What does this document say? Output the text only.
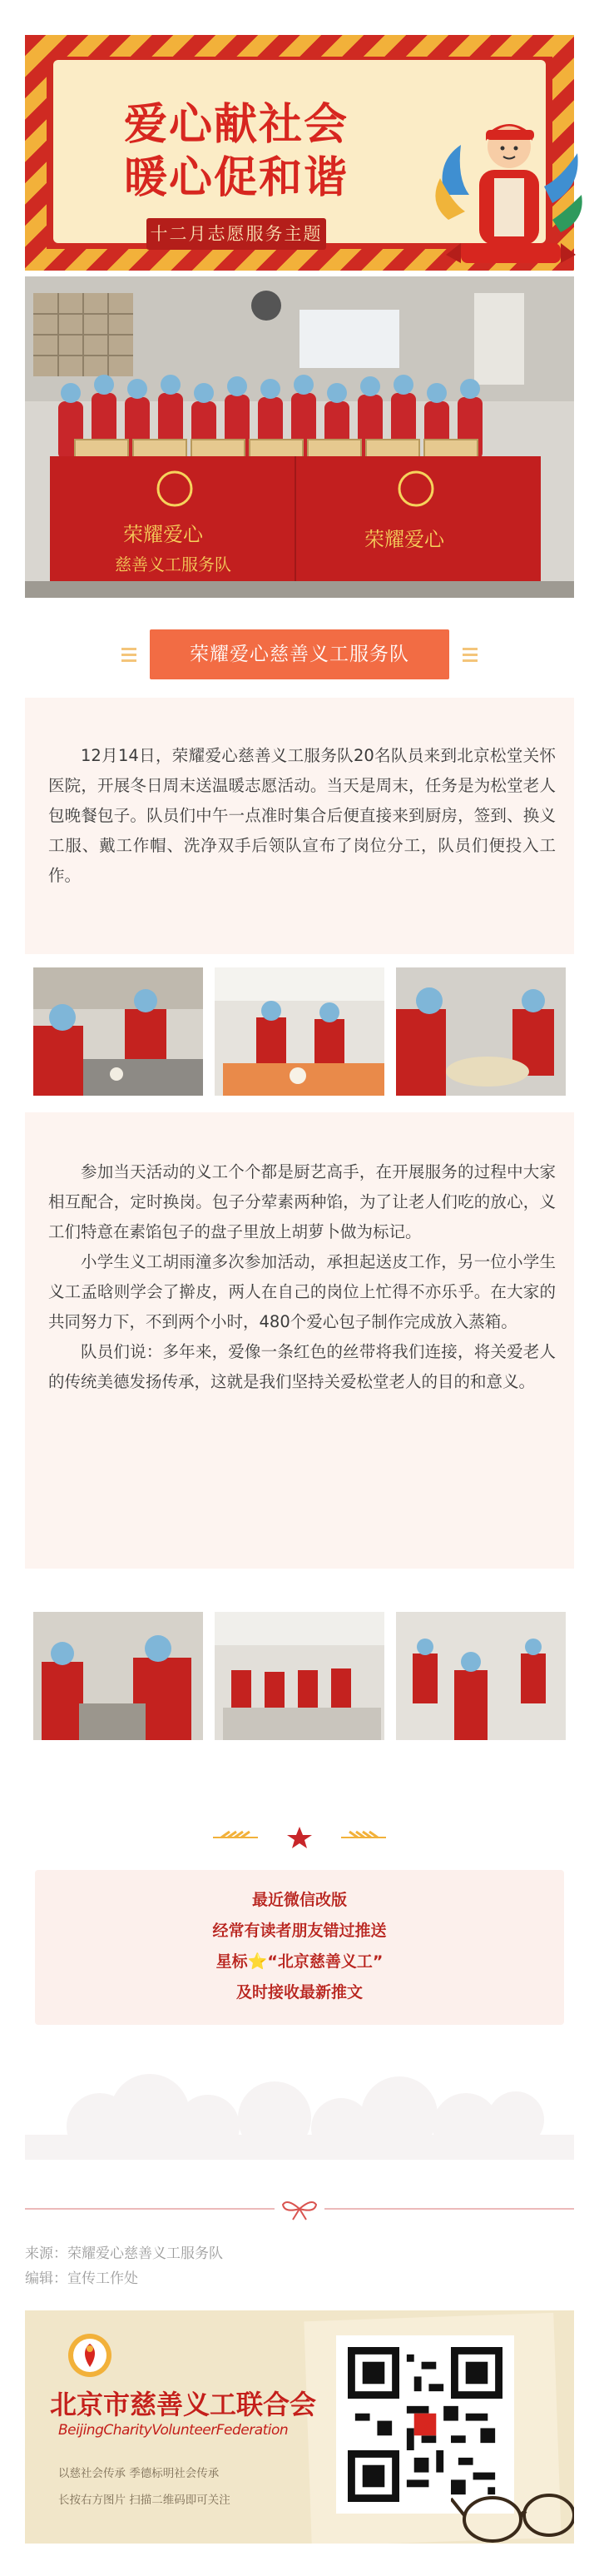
爱心献社会
暖心促和谐
十二月志愿服务主题
荣耀爱心
慈善义工服务队
荣耀爱心
荣耀爱心慈善义工服务队

12月14日，荣耀爱心慈善义工服务队20名队员来到北京松堂关怀医院，开展冬日周末送温暖志愿活动。当天是周末，任务是为松堂老人包晚餐包子。队员们中午一点准时集合后便直接来到厨房，签到、换义工服、戴工作帽、洗净双手后领队宣布了岗位分工，队员们便投入工作。

参加当天活动的义工个个都是厨艺高手，在开展服务的过程中大家相互配合，定时换岗。包子分荤素两种馅，为了让老人们吃的放心，义工们特意在素馅包子的盘子里放上胡萝卜做为标记。

小学生义工胡雨潼多次参加活动，承担起送皮工作，另一位小学生义工孟晗则学会了擀皮，两人在自己的岗位上忙得不亦乐乎。在大家的共同努力下，不到两个小时，480个爱心包子制作完成放入蒸箱。

队员们说：多年来，爱像一条红色的丝带将我们连接，将关爱老人的传统美德发扬传承，这就是我们坚持关爱松堂老人的目的和意义。

最近微信改版
经常有读者朋友错过推送
星标⭐“北京慈善义工”
及时接收最新推文
来源：荣耀爱心慈善义工服务队
编辑：宣传工作处
北京市慈善义工联合会
BeijingCharityVolunteerFederation
以慈社会传承 季德标明社会传承
长按右方图片 扫描二维码即可关注
